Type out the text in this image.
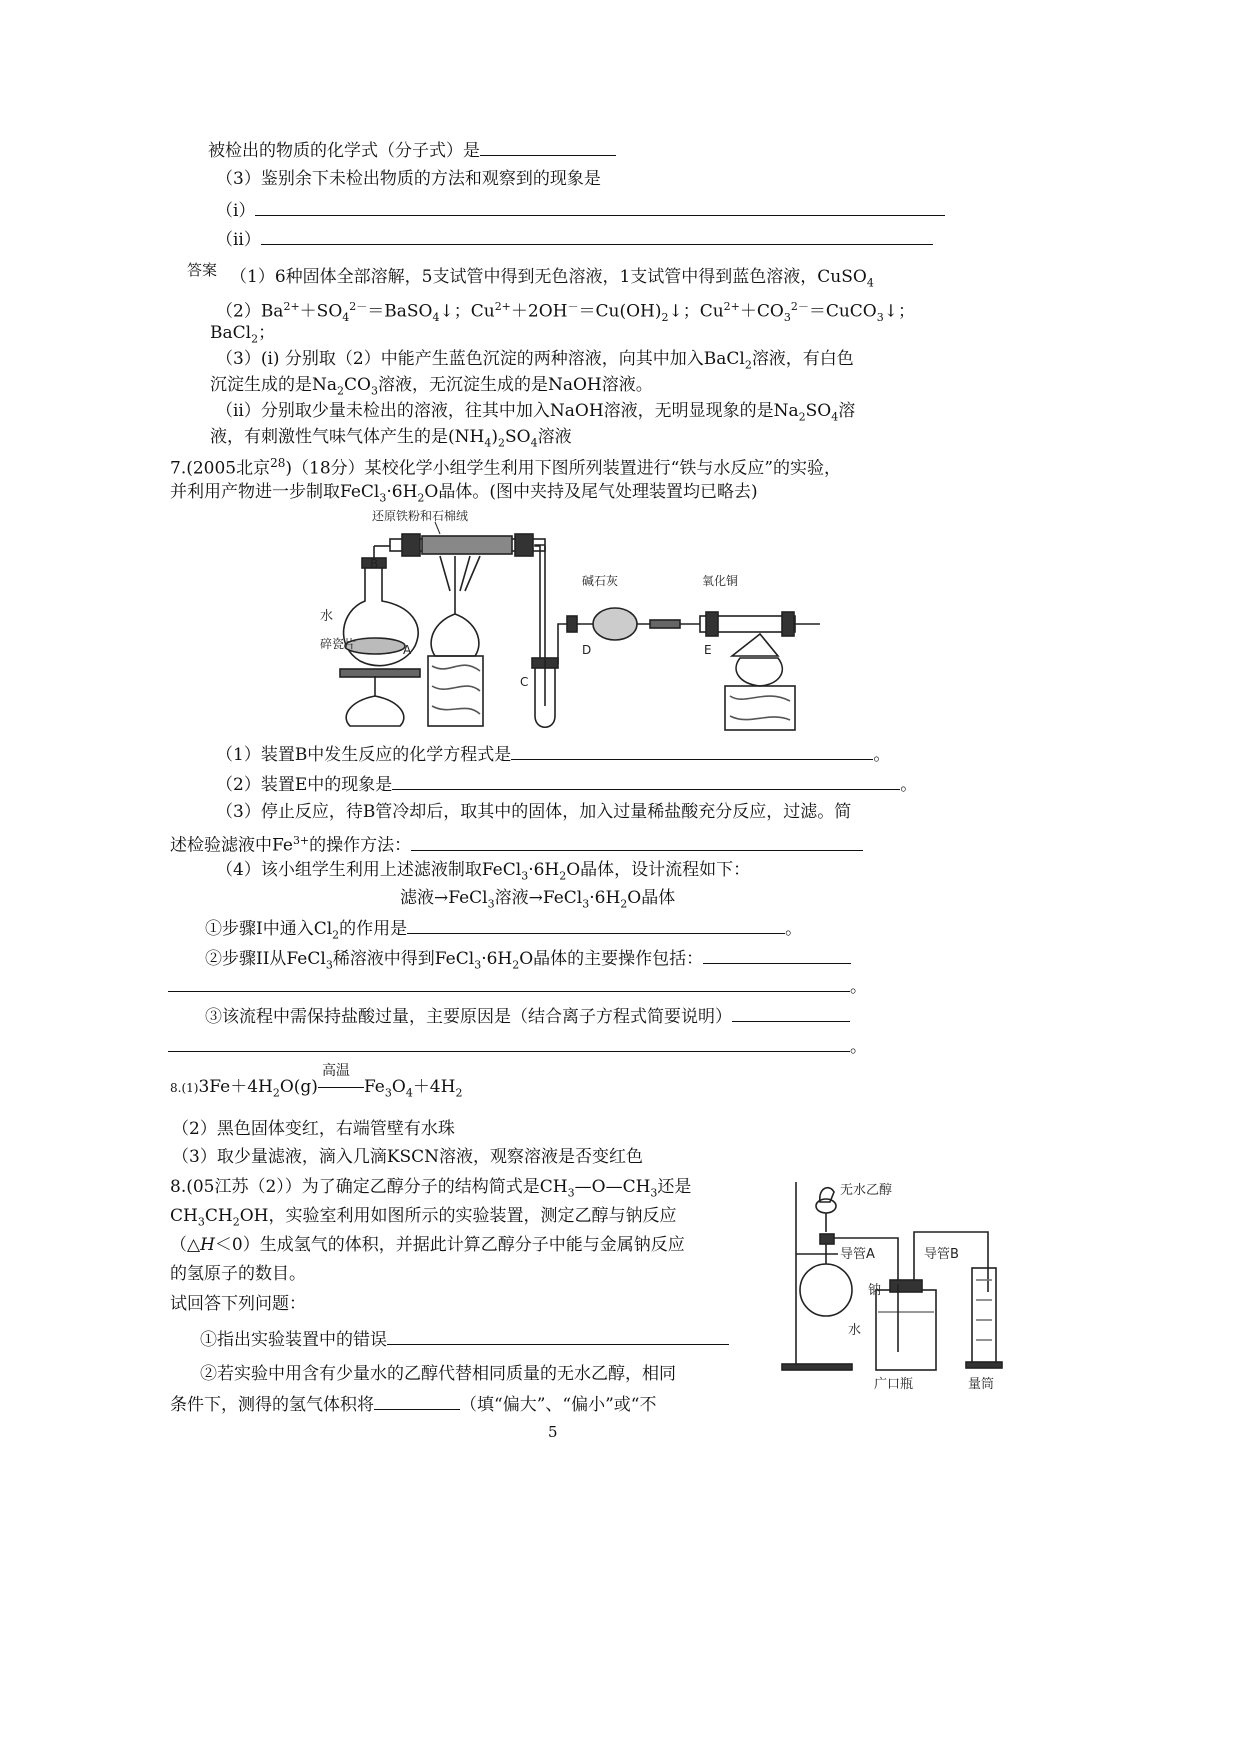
被检出的物质的化学式（分子式）是
（3）鉴别余下未检出物质的方法和观察到的现象是
（i）
（ii）
答案 （1）6种固体全部溶解，5支试管中得到无色溶液，1支试管中得到蓝色溶液，CuSO$_4$
$(2)Ba^{2+}+SO_4^{2-}=BaSO_4↓$；$Cu^{2+}+2OH^-=Cu(OH)_2↓$；$Cu^{2+}+CO_3^{2-}=CuCO_3↓$；
BaCl$_2$；
（3）(i) 分别取（2）中能产生蓝色沉淀的两种溶液，向其中加入BaCl$_2$溶液，有白色
沉淀生成的是$Na_2CO_3$溶液，无沉淀生成的是NaOH溶液。
（ii）分别取少量未检出的溶液，往其中加入NaOH溶液，无明显现象的是$Na_2SO_4$溶
液，有刺激性气味气体产生的是$(NH_4)_2SO_4$溶液
7.(2005北京$^{28}$)（18分）某校化学小组学生利用下图所列装置进行“铁与水反应”的实验，
并利用产物进一步制取$FeCl_3\cdot 6H_2O$晶体。(图中夹持及尾气处理装置均已略去)
还原铁粉和石棉绒
B
水
碎瓷片	A
C
碱石灰
D
氧化铜
E
（1）装置B中发生反应的化学方程式是	。
（2）装置E中的现象是	。
（3）停止反应，待B管冷却后，取其中的固体，加入过量稀盐酸充分反应，过滤。简
述检验滤液中$Fe^{3+}$的操作方法：
（4）该小组学生利用上述滤液制取$FeCl_3\cdot 6H_2O$晶体，设计流程如下：
滤液→FeCl$_3$溶液$\to FeCl_3\cdot 6H_2O$晶体
①步骤I中通入$Cl_2$的作用是	。
②步骤II从FeCl$_3$稀溶液中得到$FeCl_3\cdot 6H_2O$晶体的主要操作包括：
。
③该流程中需保持盐酸过量，主要原因是（结合离子方程式简要说明）
。
$8.(1)3Fe+4H_2O(g)$
高温
$Fe_3O_4+4H_2$
（2）黑色固体变红，右端管壁有水珠
（3）取少量滤液，滴入几滴KSCN溶液，观察溶液是否变红色
8.(05江苏（2））为了确定乙醇分子的结构简式是$CH_3—O—CH_3$还是
$CH_3CH_2OH$，实验室利用如图所示的实验装置，测定乙醇与钠反应
（△H＜0）生成氢气的体积，并据此计算乙醇分子中能与金属钠反应
的氢原子的数目。
试回答下列问题：
①指出实验装置中的错误
②若实验中用含有少量水的乙醇代替相同质量的无水乙醇，相同
条件下，测得的氢气体积将	（填“偏大”、“偏小”或“不
无水乙醇
导管A	导管B
钠
水
广口瓶	量筒
5
